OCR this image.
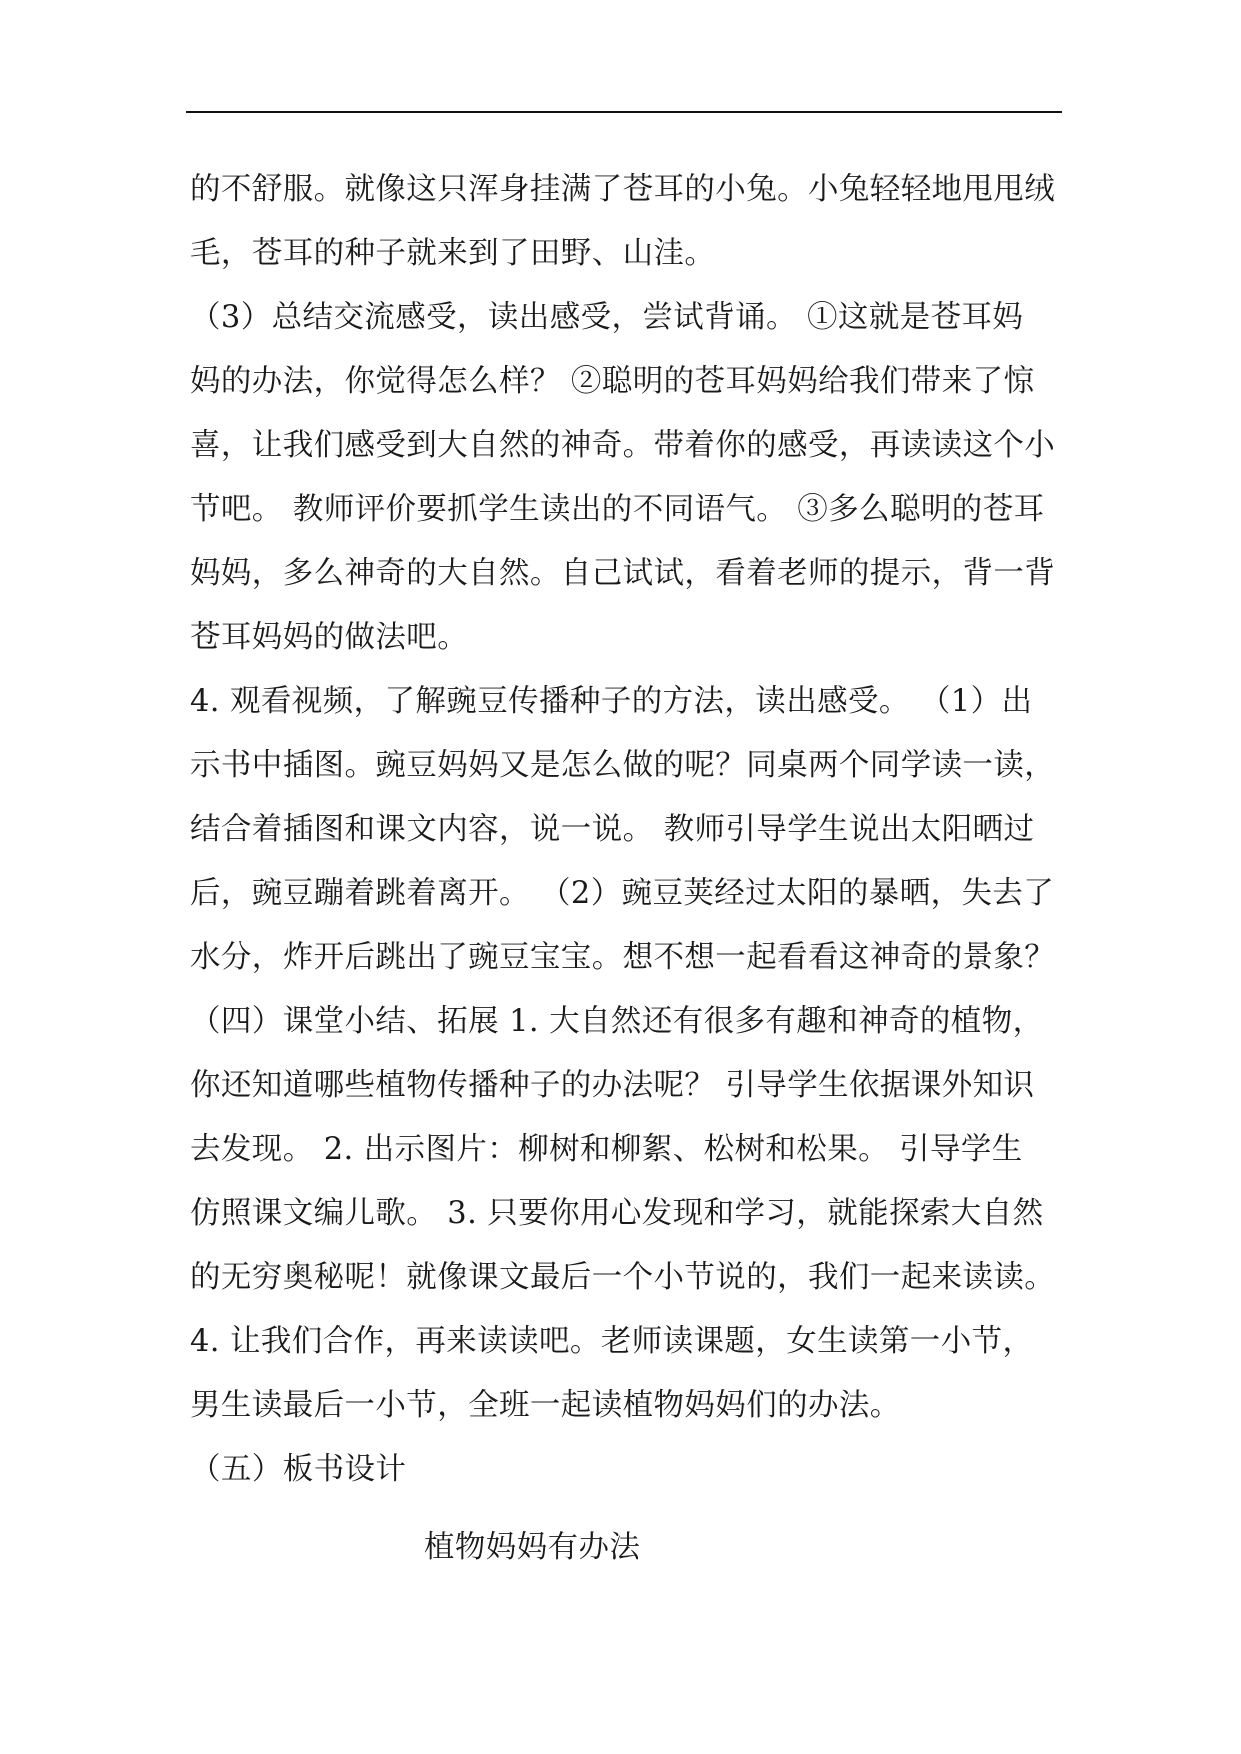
的不舒服。就像这只浑身挂满了苍耳的小兔。小兔轻轻地甩甩绒
毛，苍耳的种子就来到了田野、山洼。
（3）总结交流感受，读出感受，尝试背诵。 ①这就是苍耳妈
妈的办法，你觉得怎么样？ ②聪明的苍耳妈妈给我们带来了惊
喜，让我们感受到大自然的神奇。带着你的感受，再读读这个小
节吧。 教师评价要抓学生读出的不同语气。 ③多么聪明的苍耳
妈妈，多么神奇的大自然。自己试试，看着老师的提示，背一背
苍耳妈妈的做法吧。
4. 观看视频，了解豌豆传播种子的方法，读出感受。 （1）出
示书中插图。豌豆妈妈又是怎么做的呢？同桌两个同学读一读，
结合着插图和课文内容，说一说。 教师引导学生说出太阳晒过
后，豌豆蹦着跳着离开。 （2）豌豆荚经过太阳的暴晒，失去了
水分，炸开后跳出了豌豆宝宝。想不想一起看看这神奇的景象？
（四）课堂小结、拓展 1. 大自然还有很多有趣和神奇的植物，
你还知道哪些植物传播种子的办法呢？ 引导学生依据课外知识
去发现。 2. 出示图片：柳树和柳絮、松树和松果。 引导学生
仿照课文编儿歌。 3. 只要你用心发现和学习，就能探索大自然
的无穷奥秘呢！就像课文最后一个小节说的，我们一起来读读。
4. 让我们合作，再来读读吧。老师读课题，女生读第一小节，
男生读最后一小节，全班一起读植物妈妈们的办法。
（五）板书设计
植物妈妈有办法
